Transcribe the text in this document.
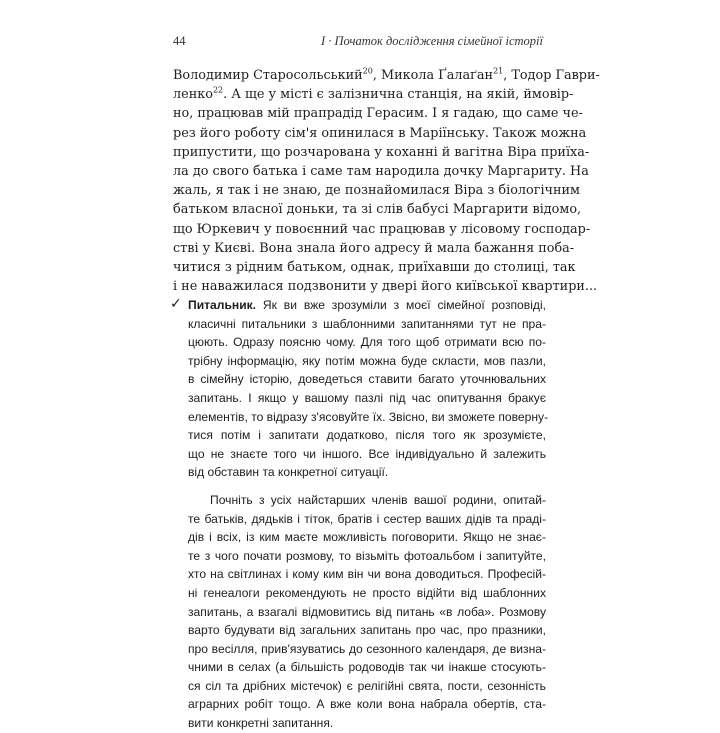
44	I · Початок дослідження сімейної історії
Володимир Старосольський$^{20}$, Микола Ґалаґан$^{21}$, Тодор Гаври-
ленко$^{22}$. А ще у місті є залізнична станція, на якій, ймовір-
но, працював мій прапрадід Герасим. І я гадаю, що саме че-
рез його роботу сім'я опинилася в Маріїнську. Також можна
припустити, що розчарована у коханні й вагітна Віра приїха-
ла до свого батька і саме там народила дочку Маргариту. На
жаль, я так і не знаю, де познайомилася Віра з біологічним
батьком власної доньки, та зі слів бабусі Маргарити відомо,
що Юркевич у повоєнний час працював у лісовому господар-
стві у Києві. Вона знала його адресу й мала бажання поба-
читися з рідним батьком, однак, приїхавши до столиці, так
і не наважилася подзвонити у двері його київської квартири...
✓ Питальник. Як ви вже зрозуміли з моєї сімейної розповіді,
класичні питальники з шаблонними запитаннями тут не пра-
цюють. Одразу поясню чому. Для того щоб отримати всю по-
трібну інформацію, яку потім можна буде скласти, мов пазли,
в сімейну історію, доведеться ставити багато уточнювальних
запитань. І якщо у вашому пазлі під час опитування бракує
елементів, то відразу з'ясовуйте їх. Звісно, ви зможете поверну-
тися потім і запитати додатково, після того як зрозумієте,
що не знаєте того чи іншого. Все індивідуально й залежить
від обставин та конкретної ситуації.
Почніть з усіх найстарших членів вашої родини, опитай-
те батьків, дядьків і тіток, братів і сестер ваших дідів та праді-
дів і всіх, із ким маєте можливість поговорити. Якщо не знає-
те з чого почати розмову, то візьміть фотоальбом і запитуйте,
хто на світлинах і кому ким він чи вона доводиться. Професій-
ні генеалоги рекомендують не просто відійти від шаблонних
запитань, а взагалі відмовитись від питань «в лоба». Розмову
варто будувати від загальних запитань про час, про празники,
про весілля, прив'язуватись до сезонного календаря, де визна-
чними в селах (а більшість родоводів так чи інакше стосують-
ся сіл та дрібних містечок) є релігійні свята, пости, сезонність
аграрних робіт тощо. А вже коли вона набрала обертів, ста-
вити конкретні запитання.
